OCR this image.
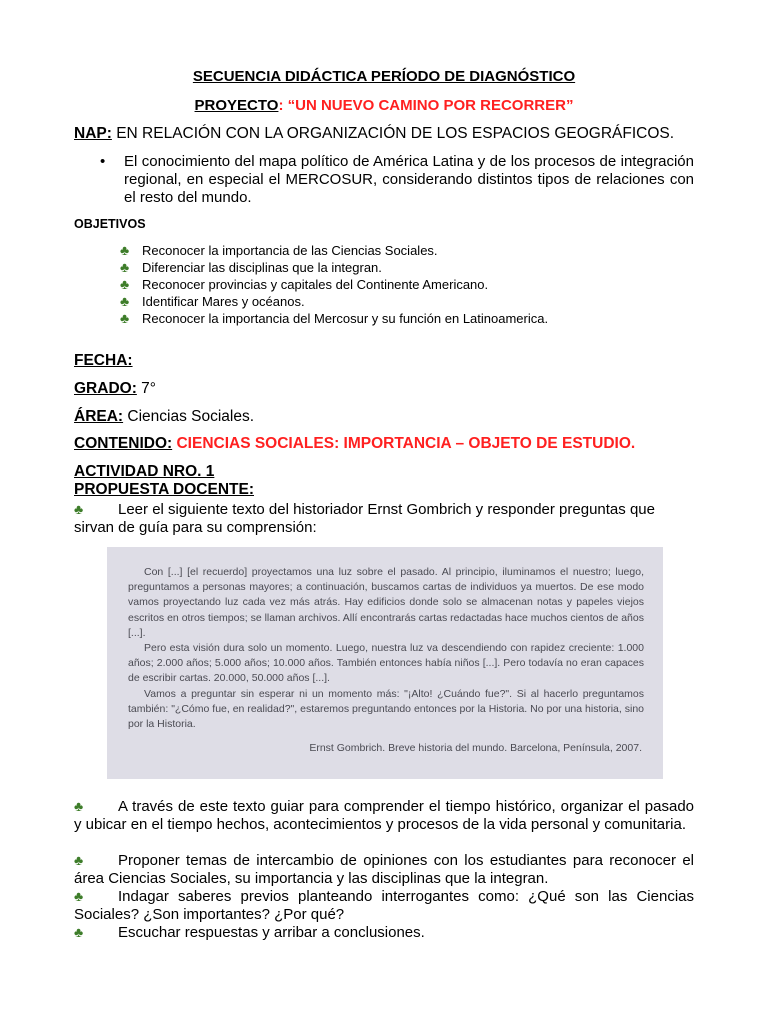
SECUENCIA DIDÁCTICA PERÍODO DE DIAGNÓSTICO
PROYECTO: “UN NUEVO CAMINO POR RECORRER”
NAP: EN RELACIÓN CON LA ORGANIZACIÓN DE LOS ESPACIOS GEOGRÁFICOS.
• El conocimiento del mapa político de América Latina y de los procesos de integración regional, en especial el MERCOSUR, considerando distintos tipos de relaciones con el resto del mundo.
OBJETIVOS
♣ Reconocer la importancia de las Ciencias Sociales.
♣ Diferenciar las disciplinas que la integran.
♣ Reconocer provincias y capitales del Continente Americano.
♣ Identificar Mares y océanos.
♣ Reconocer la importancia del Mercosur y su función en Latinoamerica.
FECHA:
GRADO: 7°
ÁREA: Ciencias Sociales.
CONTENIDO: CIENCIAS SOCIALES: IMPORTANCIA – OBJETO DE ESTUDIO.
ACTIVIDAD NRO. 1
PROPUESTA DOCENTE:
♣ Leer el siguiente texto del historiador Ernst Gombrich y responder preguntas que sirvan de guía para su comprensión:

Con [...] [el recuerdo] proyectamos una luz sobre el pasado. Al principio, iluminamos el nuestro; luego, preguntamos a personas mayores; a continuación, buscamos cartas de individuos ya muertos. De ese modo vamos proyectando luz cada vez más atrás. Hay edificios donde solo se almacenan notas y papeles viejos escritos en otros tiempos; se llaman archivos. Allí encontrarás cartas redactadas hace muchos cientos de años [...].

Pero esta visión dura solo un momento. Luego, nuestra luz va descendiendo con rapidez creciente: 1.000 años; 2.000 años; 5.000 años; 10.000 años. También entonces había niños [...]. Pero todavía no eran capaces de escribir cartas. 20.000, 50.000 años [...].

Vamos a preguntar sin esperar ni un momento más: "¡Alto! ¿Cuándo fue?". Si al hacerlo preguntamos también: "¿Cómo fue, en realidad?", estaremos preguntando entonces por la Historia. No por una historia, sino por la Historia.

Ernst Gombrich. Breve historia del mundo. Barcelona, Península, 2007.
♣ A través de este texto guiar para comprender el tiempo histórico, organizar el pasado y ubicar en el tiempo hechos, acontecimientos y procesos de la vida personal y comunitaria.
♣ Proponer temas de intercambio de opiniones con los estudiantes para reconocer el área Ciencias Sociales, su importancia y las disciplinas que la integran.
♣ Indagar saberes previos planteando interrogantes como: ¿Qué son las Ciencias Sociales? ¿Son importantes? ¿Por qué?
♣ Escuchar respuestas y arribar a conclusiones.
